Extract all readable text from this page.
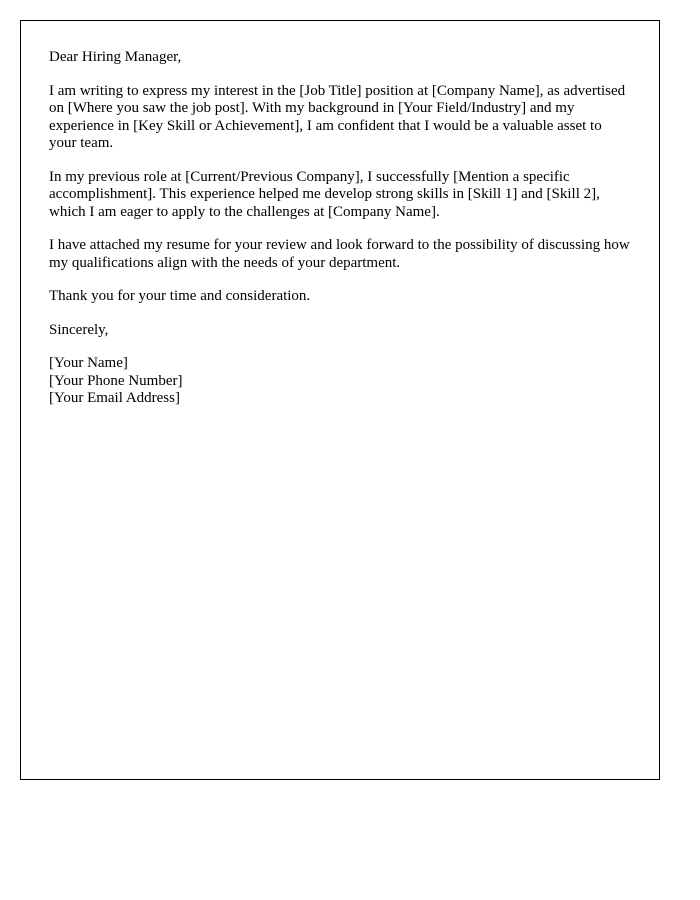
Dear Hiring Manager,

I am writing to express my interest in the [Job Title] position at [Company Name], as advertised on [Where you saw the job post]. With my background in [Your Field/Industry] and my experience in [Key Skill or Achievement], I am confident that I would be a valuable asset to your team.

In my previous role at [Current/Previous Company], I successfully [Mention a specific accomplishment]. This experience helped me develop strong skills in [Skill 1] and [Skill 2], which I am eager to apply to the challenges at [Company Name].

I have attached my resume for your review and look forward to the possibility of discussing how my qualifications align with the needs of your department.

Thank you for your time and consideration.

Sincerely,

[Your Name]
[Your Phone Number]
[Your Email Address]
